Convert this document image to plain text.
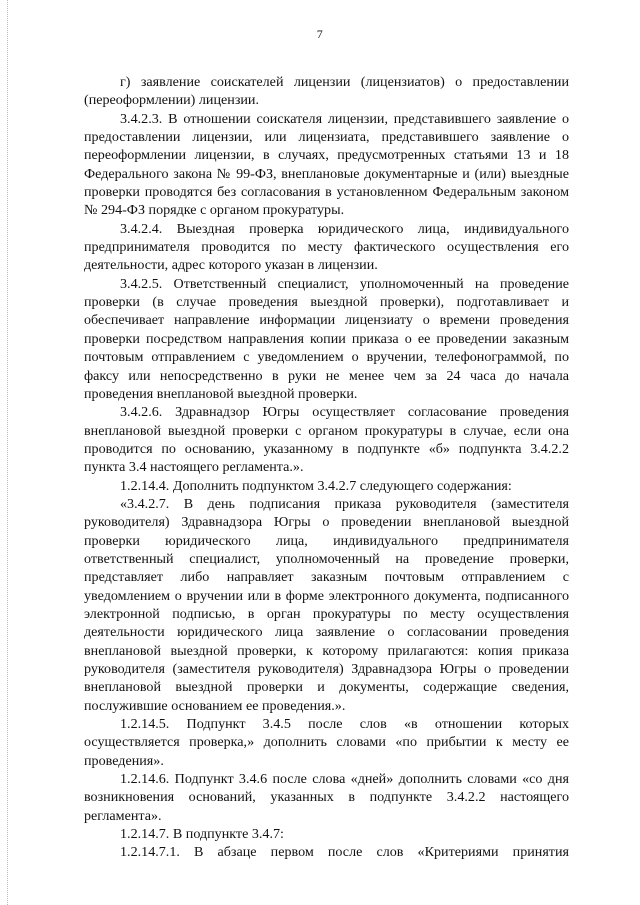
7

г) заявление соискателей лицензии (лицензиатов) о предоставлении (переоформлении) лицензии.

3.4.2.3. В отношении соискателя лицензии, представившего заявление о предоставлении лицензии, или лицензиата, представившего заявление о переоформлении лицензии, в случаях, предусмотренных статьями 13 и 18 Федерального закона № 99-ФЗ, внеплановые документарные и (или) выездные проверки проводятся без согласования в установленном Федеральным законом № 294-ФЗ порядке с органом прокуратуры.

3.4.2.4. Выездная проверка юридического лица, индивидуального предпринимателя проводится по месту фактического осуществления его деятельности, адрес которого указан в лицензии.

3.4.2.5. Ответственный специалист, уполномоченный на проведение проверки (в случае проведения выездной проверки), подготавливает и обеспечивает направление информации лицензиату о времени проведения проверки посредством направления копии приказа о ее проведении заказным почтовым отправлением с уведомлением о вручении, телефонограммой, по факсу или непосредственно в руки не менее чем за 24 часа до начала проведения внеплановой выездной проверки.

3.4.2.6. Здравнадзор Югры осуществляет согласование проведения внеплановой выездной проверки с органом прокуратуры в случае, если она проводится по основанию, указанному в подпункте «б» подпункта 3.4.2.2 пункта 3.4 настоящего регламента.».

1.2.14.4. Дополнить подпунктом 3.4.2.7 следующего содержания:

«3.4.2.7. В день подписания приказа руководителя (заместителя руководителя) Здравнадзора Югры о проведении внеплановой выездной проверки юридического лица, индивидуального предпринимателя ответственный специалист, уполномоченный на проведение проверки, представляет либо направляет заказным почтовым отправлением с уведомлением о вручении или в форме электронного документа, подписанного электронной подписью, в орган прокуратуры по месту осуществления деятельности юридического лица заявление о согласовании проведения внеплановой выездной проверки, к которому прилагаются: копия приказа руководителя (заместителя руководителя) Здравнадзора Югры о проведении внеплановой выездной проверки и документы, содержащие сведения, послужившие основанием ее проведения.».

1.2.14.5. Подпункт 3.4.5 после слов «в отношении которых осуществляется проверка,» дополнить словами «по прибытии к месту ее проведения».

1.2.14.6. Подпункт 3.4.6 после слова «дней» дополнить словами «со дня возникновения оснований, указанных в подпункте 3.4.2.2 настоящего регламента».

1.2.14.7. В подпункте 3.4.7:

1.2.14.7.1. В абзаце первом после слов «Критериями принятия
